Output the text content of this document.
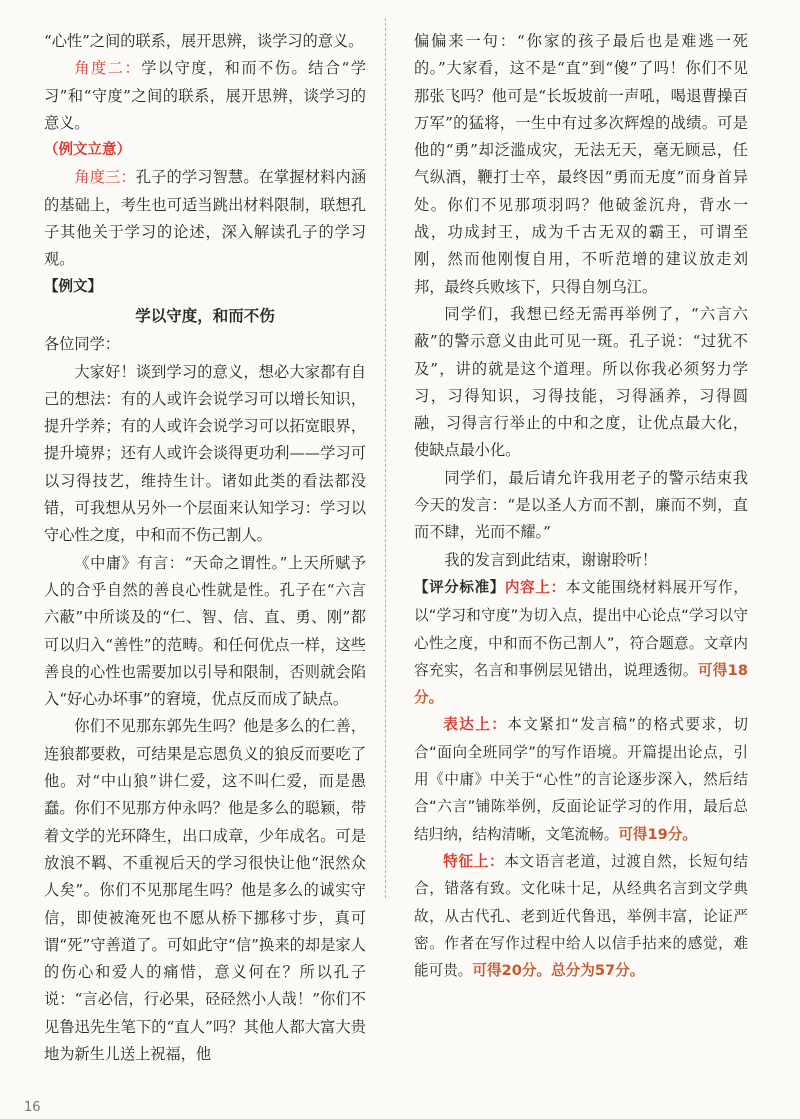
“心性”之间的联系，展开思辨，谈学习的意义。

角度二：学以守度，和而不伤。结合“学习”和“守度”之间的联系，展开思辨，谈学习的意义。

（例文立意）

角度三：孔子的学习智慧。在掌握材料内涵的基础上，考生也可适当跳出材料限制，联想孔子其他关于学习的论述，深入解读孔子的学习观。

【例文】

学以守度，和而不伤

各位同学：

大家好！谈到学习的意义，想必大家都有自己的想法：有的人或许会说学习可以增长知识，提升学养；有的人或许会说学习可以拓宽眼界，提升境界；还有人或许会谈得更功利——学习可以习得技艺，维持生计。诸如此类的看法都没错，可我想从另外一个层面来认知学习：学习以守心性之度，中和而不伤己割人。

《中庸》有言：“天命之谓性。”上天所赋予人的合乎自然的善良心性就是性。孔子在“六言六蔽”中所谈及的“仁、智、信、直、勇、刚”都可以归入“善性”的范畴。和任何优点一样，这些善良的心性也需要加以引导和限制，否则就会陷入“好心办坏事”的窘境，优点反而成了缺点。

你们不见那东郭先生吗？他是多么的仁善，连狼都要救，可结果是忘恩负义的狼反而要吃了他。对“中山狼”讲仁爱，这不叫仁爱，而是愚蠢。你们不见那方仲永吗？他是多么的聪颖，带着文学的光环降生，出口成章，少年成名。可是放浪不羁、不重视后天的学习很快让他“泯然众人矣”。你们不见那尾生吗？他是多么的诚实守信，即使被淹死也不愿从桥下挪移寸步，真可谓“死”守善道了。可如此守“信”换来的却是家人的伤心和爱人的痛惜，意义何在？所以孔子说：“言必信，行必果，硁硁然小人哉！”你们不见鲁迅先生笔下的“直人”吗？其他人都大富大贵地为新生儿送上祝福，他

偏偏来一句：“你家的孩子最后也是难逃一死的。”大家看，这不是“直”到“傻”了吗！你们不见那张飞吗？他可是“长坂坡前一声吼，喝退曹操百万军”的猛将，一生中有过多次辉煌的战绩。可是他的“勇”却泛滥成灾，无法无天，毫无顾忌，任气纵酒，鞭打士卒，最终因“勇而无度”而身首异处。你们不见那项羽吗？他破釜沉舟，背水一战，功成封王，成为千古无双的霸王，可谓至刚，然而他刚愎自用，不听范增的建议放走刘邦，最终兵败垓下，只得自刎乌江。

同学们，我想已经无需再举例了，“六言六蔽”的警示意义由此可见一斑。孔子说：“过犹不及”，讲的就是这个道理。所以你我必须努力学习，习得知识，习得技能，习得涵养，习得圆融，习得言行举止的中和之度，让优点最大化，使缺点最小化。

同学们，最后请允许我用老子的警示结束我今天的发言：“是以圣人方而不割，廉而不刿，直而不肆，光而不耀。”

我的发言到此结束，谢谢聆听！

【评分标准】内容上：本文能围绕材料展开写作，以“学习和守度”为切入点，提出中心论点“学习以守心性之度，中和而不伤己割人”，符合题意。文章内容充实，名言和事例层见错出，说理透彻。可得18分。

表达上：本文紧扣“发言稿”的格式要求，切合“面向全班同学”的写作语境。开篇提出论点，引用《中庸》中关于“心性”的言论逐步深入，然后结合“六言”铺陈举例，反面论证学习的作用，最后总结归纳，结构清晰，文笔流畅。可得19分。

特征上：本文语言老道，过渡自然，长短句结合，错落有致。文化味十足，从经典名言到文学典故，从古代孔、老到近代鲁迅，举例丰富，论证严密。作者在写作过程中给人以信手拈来的感觉，难能可贵。可得20分。总分为57分。

16
